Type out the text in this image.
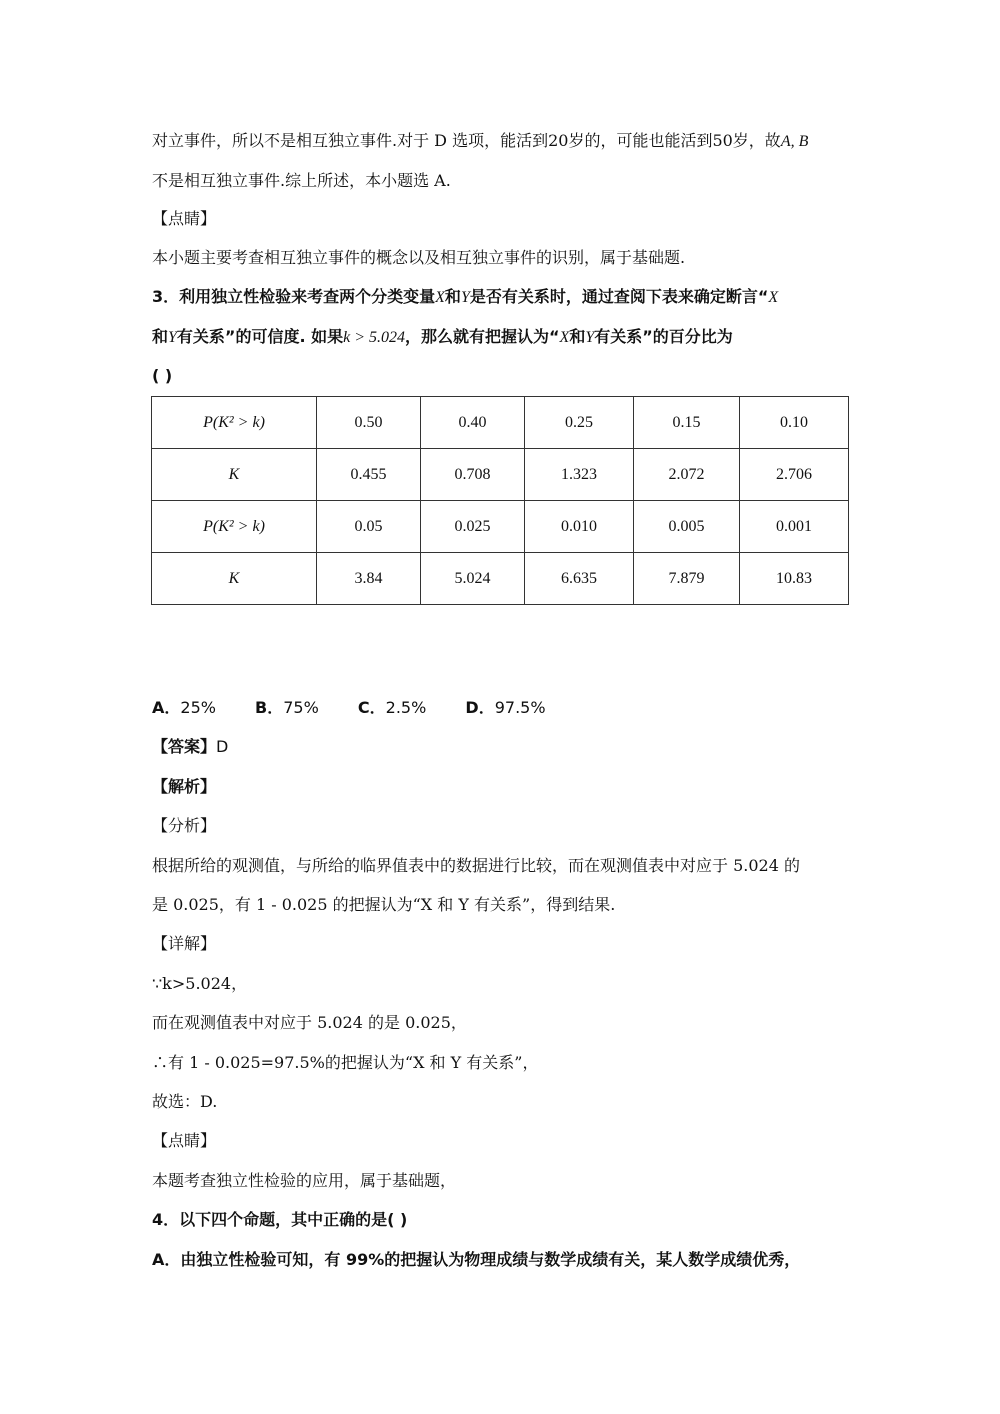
对立事件，所以不是相互独立事件.对于 D 选项，能活到20岁的，可能也能活到50岁，故A, B
不是相互独立事件.综上所述，本小题选 A.
【点睛】
本小题主要考查相互独立事件的概念以及相互独立事件的识别，属于基础题.
3．利用独立性检验来考查两个分类变量X和Y是否有关系时，通过查阅下表来确定断言“X
和Y有关系”的可信度. 如果k > 5.024，那么就有把握认为“X和Y有关系”的百分比为
( )
P(K² > k)	0.50	0.40	0.25	0.15	0.10
K	0.455	0.708	1.323	2.072	2.706
P(K² > k)	0.05	0.025	0.010	0.005	0.001
K	3.84	5.024	6.635	7.879	10.83
A．25% B．75% C．2.5% D．97.5%
【答案】D
【解析】
【分析】
根据所给的观测值，与所给的临界值表中的数据进行比较，而在观测值表中对应于 5.024 的
是 0.025，有 1 - 0.025 的把握认为“X 和 Y 有关系”，得到结果.
【详解】
∵k>5.024，
而在观测值表中对应于 5.024 的是 0.025，
∴有 1 - 0.025=97.5%的把握认为“X 和 Y 有关系”，
故选：D.
【点睛】
本题考查独立性检验的应用，属于基础题，
4．以下四个命题，其中正确的是( )
A．由独立性检验可知，有 99%的把握认为物理成绩与数学成绩有关，某人数学成绩优秀，
